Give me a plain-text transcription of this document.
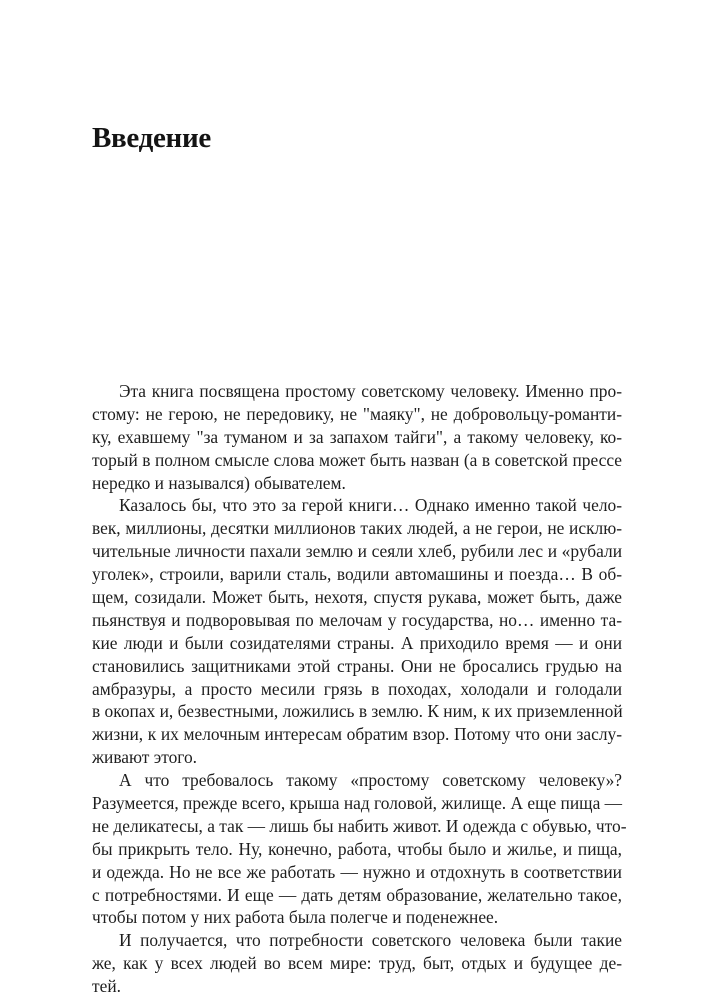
Введение
Эта книга посвящена простому советскому человеку. Именно про-
стому: не герою, не передовику, не "маяку", не добровольцу-романти-
ку, ехавшему "за туманом и за запахом тайги", а такому человеку, ко-
торый в полном смысле слова может быть назван (а в советской прессе
нередко и назывался) обывателем.
Казалось бы, что это за герой книги… Однако именно такой чело-
век, миллионы, десятки миллионов таких людей, а не герои, не исклю-
чительные личности пахали землю и сеяли хлеб, рубили лес и «рубали
уголек», строили, варили сталь, водили автомашины и поезда… В об-
щем, созидали. Может быть, нехотя, спустя рукава, может быть, даже
пьянствуя и подворовывая по мелочам у государства, но… именно та-
кие люди и были созидателями страны. А приходило время — и они
становились защитниками этой страны. Они не бросались грудью на
амбразуры, а просто месили грязь в походах, холодали и голодали
в окопах и, безвестными, ложились в землю. К ним, к их приземленной
жизни, к их мелочным интересам обратим взор. Потому что они заслу-
живают этого.
А что требовалось такому «простому советскому человеку»?
Разумеется, прежде всего, крыша над головой, жилище. А еще пища —
не деликатесы, а так — лишь бы набить живот. И одежда с обувью, что-
бы прикрыть тело. Ну, конечно, работа, чтобы было и жилье, и пища,
и одежда. Но не все же работать — нужно и отдохнуть в соответствии
с потребностями. И еще — дать детям образование, желательно такое,
чтобы потом у них работа была полегче и поденежнее.
И получается, что потребности советского человека были такие
же, как у всех людей во всем мире: труд, быт, отдых и будущее де-
тей.
